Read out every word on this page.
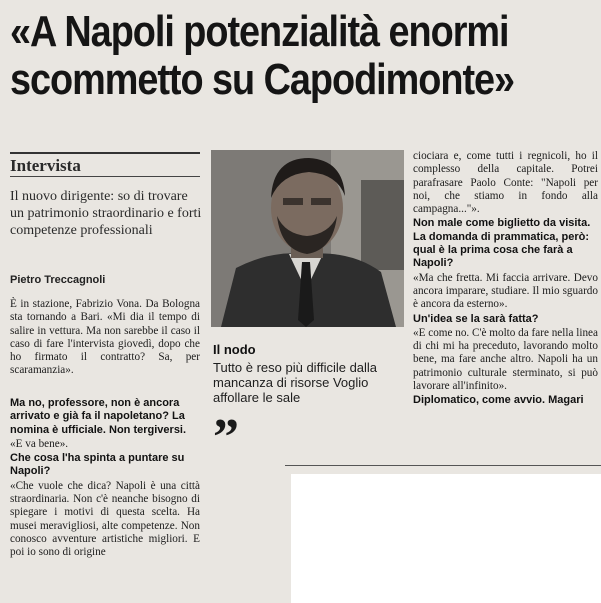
«A Napoli potenzialità enormi
scommetto su Capodimonte»
Intervista
Il nuovo dirigente: so di trovare un patrimonio straordinario e forti competenze professionali
Pietro Treccagnoli

È in stazione, Fabrizio Vona. Da Bologna sta tornando a Bari. «Mi dia il tempo di salire in vettura. Ma non sarebbe il caso il caso di fare l'intervista giovedì, dopo che ho firmato il contratto? Sa, per scaramanzia».

Ma no, professore, non è ancora arrivato e già fa il napoletano? La nomina è ufficiale. Non tergiversi.

«E va bene».

Che cosa l'ha spinta a puntare su Napoli?

«Che vuole che dica? Napoli è una città straordinaria. Non c'è neanche bisogno di spiegare i motivi di questa scelta. Ha musei meravigliosi, alte competenze. Non conosco avventure artistiche migliori. E poi io sono di origine

Il nodo
Tutto è reso più difficile dalla mancanza di risorse Voglio affollare le sale
”

ciociara e, come tutti i regnicoli, ho il complesso della capitale. Potrei parafrasare Paolo Conte: "Napoli per noi, che stiamo in fondo alla campagna..."».

Non male come biglietto da visita. La domanda di prammatica, però: qual è la prima cosa che farà a Napoli?

«Ma che fretta. Mi faccia arrivare. Devo ancora imparare, studiare. Il mio sguardo è ancora da esterno».

Un'idea se la sarà fatta?

«E come no. C'è molto da fare nella linea di chi mi ha preceduto, lavorando molto bene, ma fare anche altro. Napoli ha un patrimonio culturale sterminato, si può lavorare all'infinito».

Diplomatico, come avvio. Magari
